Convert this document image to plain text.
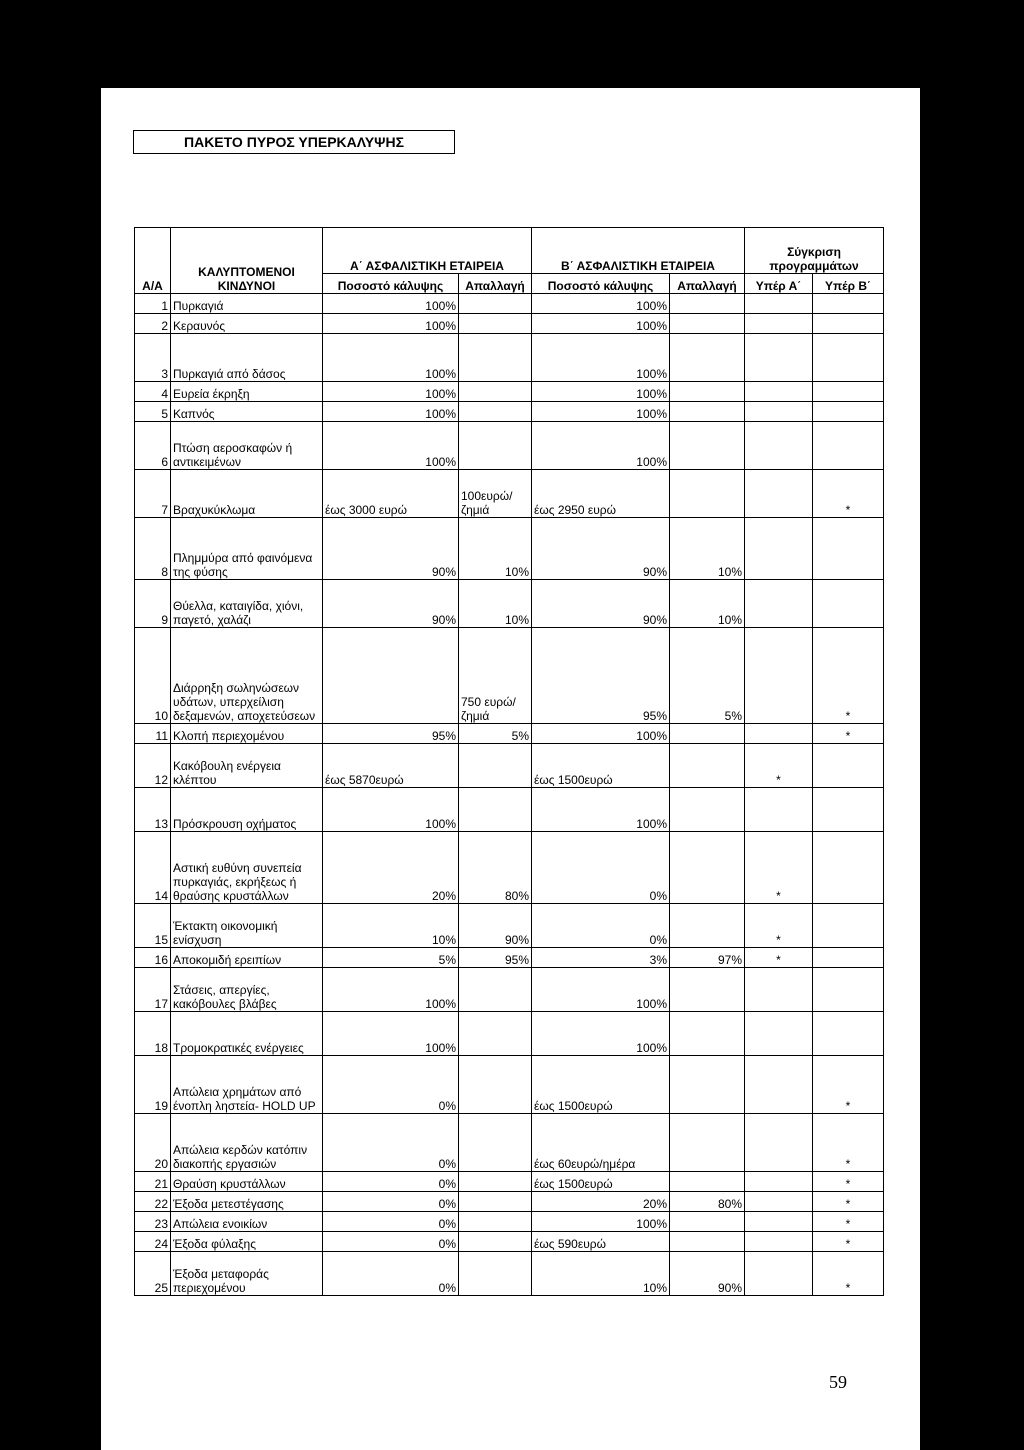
ΠΑΚΕΤΟ ΠΥΡΟΣ ΥΠΕΡΚΑΛΥΨΗΣ
Α/Α	ΚΑΛΥΠΤΟΜΕΝΟΙ ΚΙΝΔΥΝΟΙ	Α΄ ΑΣΦΑΛΙΣΤΙΚΗ ΕΤΑΙΡΕΙΑ		Β΄ ΑΣΦΑΛΙΣΤΙΚΗ ΕΤΑΙΡΕΙΑ		Σύγκριση προγραμμάτων	
		Ποσοστό κάλυψης	Απαλλαγή	Ποσοστό κάλυψης	Απαλλαγή	Υπέρ Α΄	Υπέρ Β΄
1	Πυρκαγιά	100%		100%			
2	Κεραυνός	100%		100%			
3	Πυρκαγιά από δάσος	100%		100%			
4	Ευρεία έκρηξη	100%		100%			
5	Καπνός	100%		100%			
6	Πτώση αεροσκαφών ή αντικειμένων	100%		100%			
7	Βραχυκύκλωμα	έως 3000 ευρώ	100ευρώ/ ζημιά	έως 2950 ευρώ			*
8	Πλημμύρα από φαινόμενα της φύσης	90%	10%	90%	10%		
9	Θύελλα, καταιγίδα, χιόνι, παγετό, χαλάζι	90%	10%	90%	10%		
10	Διάρρηξη σωληνώσεων υδάτων, υπερχείλιση δεξαμενών, αποχετεύσεων		750 ευρώ/ ζημιά	95%	5%		*
11	Κλοπή περιεχομένου	95%	5%	100%			*
12	Κακόβουλη ενέργεια κλέπτου	έως 5870ευρώ		έως 1500ευρώ		*	
13	Πρόσκρουση οχήματος	100%		100%			
14	Αστική ευθύνη συνεπεία πυρκαγιάς, εκρήξεως ή θραύσης κρυστάλλων	20%	80%	0%		*	
15	Έκτακτη οικονομική ενίσχυση	10%	90%	0%		*	
16	Αποκομιδή ερειπίων	5%	95%	3%	97%	*	
17	Στάσεις, απεργίες, κακόβουλες βλάβες	100%		100%			
18	Τρομοκρατικές ενέργειες	100%		100%			
19	Απώλεια χρημάτων από ένοπλη ληστεία- HOLD UP	0%		έως 1500ευρώ			*
20	Απώλεια κερδών κατόπιν διακοπής εργασιών	0%		έως 60ευρώ/ημέρα			*
21	Θραύση κρυστάλλων	0%		έως 1500ευρώ			*
22	Έξοδα μετεστέγασης	0%		20%	80%		*
23	Απώλεια ενοικίων	0%		100%			*
24	Έξοδα φύλαξης	0%		έως 590ευρώ			*
25	Έξοδα μεταφοράς περιεχομένου	0%		10%	90%		*
59
